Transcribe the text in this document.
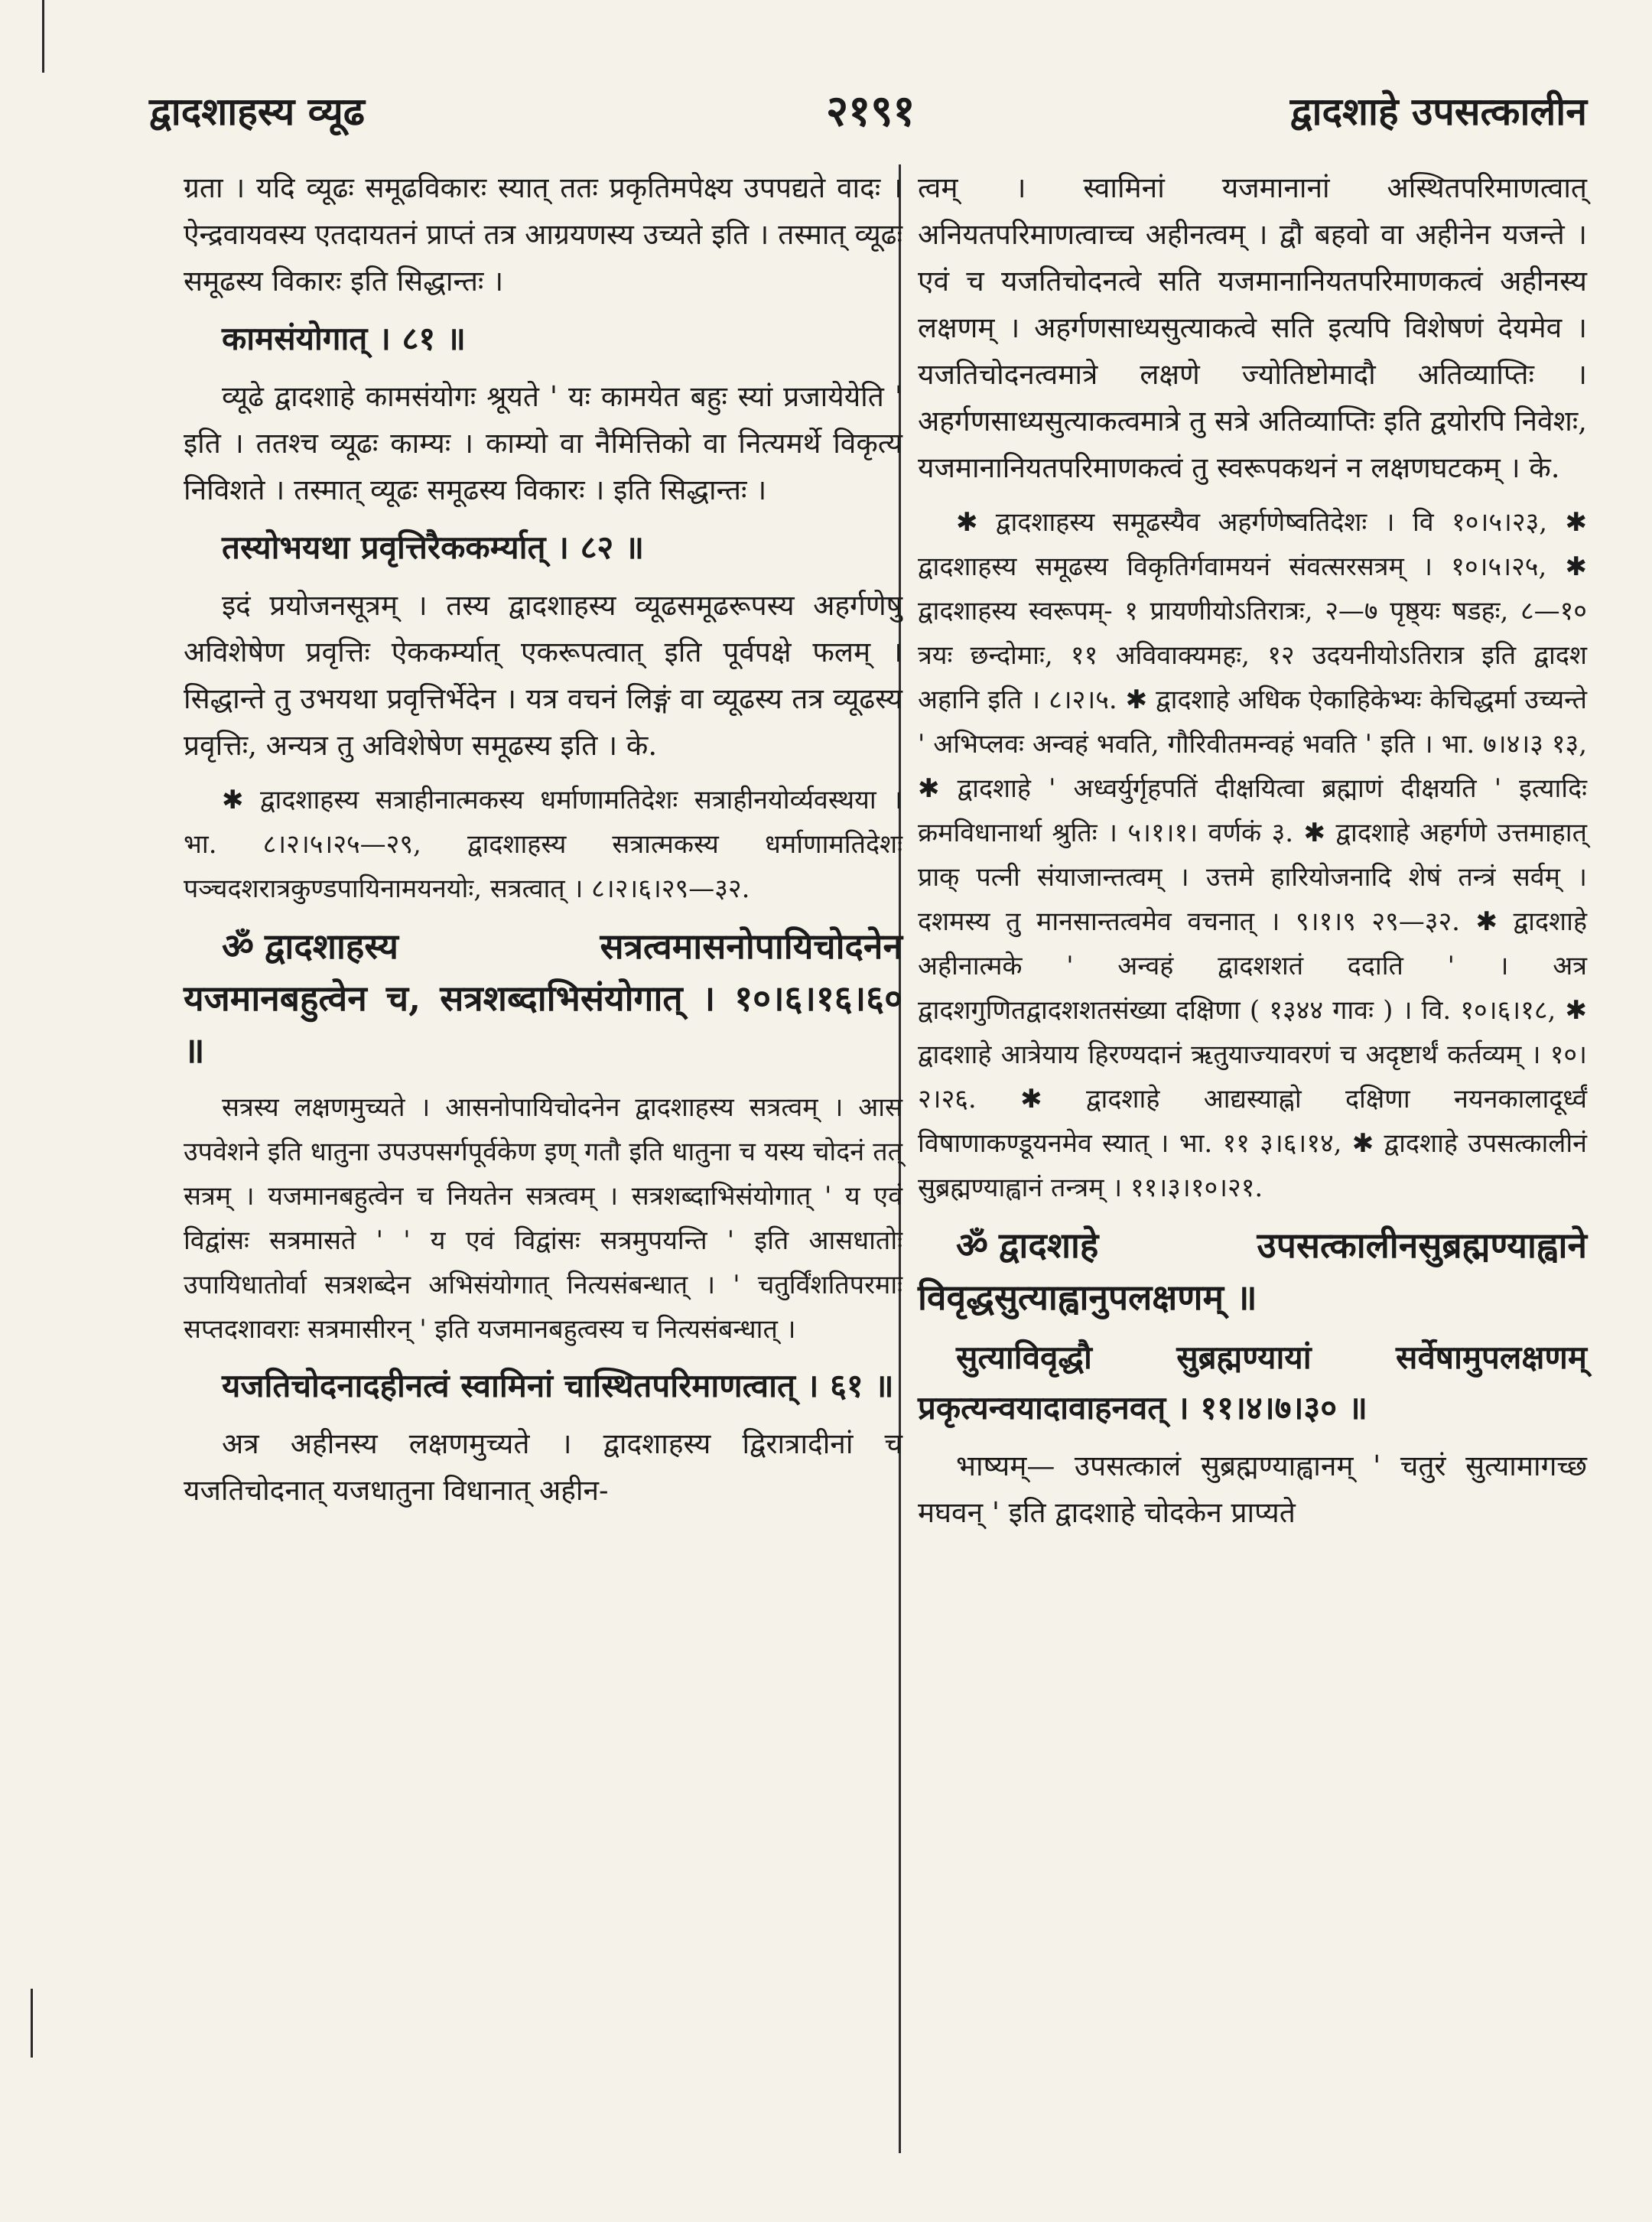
द्वादशाहस्य व्यूढ	२१९१	द्वादशाहे उपसत्कालीन

ग्रता । यदि व्यूढः समूढविकारः स्यात् ततः प्रकृतिमपेक्ष्य उपपद्यते वादः । ऐन्द्रवायवस्य एतदायतनं प्राप्तं तत्र आग्रयणस्य उच्यते इति । तस्मात् व्यूढः समूढस्य विकारः इति सिद्धान्तः ।

कामसंयोगात् । ८१ ॥

व्यूढे द्वादशाहे कामसंयोगः श्रूयते ' यः कामयेत बहुः स्यां प्रजायेयेति ' इति । ततश्च व्यूढः काम्यः । काम्यो वा नैमित्तिको वा नित्यमर्थे विकृत्य निविशते । तस्मात् व्यूढः समूढस्य विकारः । इति सिद्धान्तः ।

तस्योभयथा प्रवृत्तिरैककर्म्यात् । ८२ ॥

इदं प्रयोजनसूत्रम् । तस्य द्वादशाहस्य व्यूढसमूढरूपस्य अहर्गणेषु अविशेषेण प्रवृत्तिः ऐककर्म्यात् एकरूपत्वात् इति पूर्वपक्षे फलम् । सिद्धान्ते तु उभयथा प्रवृत्तिर्भेदेन । यत्र वचनं लिङ्गं वा व्यूढस्य तत्र व्यूढस्य प्रवृत्तिः, अन्यत्र तु अविशेषेण समूढस्य इति । के.

✱ द्वादशाहस्य सत्राहीनात्मकस्य धर्माणामतिदेशः सत्राहीनयोर्व्यवस्थया । भा. ८।२।५।२५—२९, द्वादशाहस्य सत्रात्मकस्य धर्माणामतिदेशः पञ्चदशरात्रकुण्डपायिनामयनयोः, सत्रत्वात् । ८।२।६।२९—३२.

ॐ द्वादशाहस्य सत्रत्वमासनोपायिचोदनेन यजमानबहुत्वेन च, सत्रशब्दाभिसंयोगात् । १०।६।१६।६० ॥

सत्रस्य लक्षणमुच्यते । आसनोपायिचोदनेन द्वादशाहस्य सत्रत्वम् । आस उपवेशने इति धातुना उपउपसर्गपूर्वकेण इण् गतौ इति धातुना च यस्य चोदनं तत् सत्रम् । यजमानबहुत्वेन च नियतेन सत्रत्वम् । सत्रशब्दाभिसंयोगात् ' य एवं विद्वांसः सत्रमासते ' ' य एवं विद्वांसः सत्रमुपयन्ति ' इति आसधातोः उपायिधातोर्वा सत्रशब्देन अभिसंयोगात् नित्यसंबन्धात् । ' चतुर्विंशतिपरमाः सप्तदशावराः सत्रमासीरन् ' इति यजमानबहुत्वस्य च नित्यसंबन्धात् ।

यजतिचोदनादहीनत्वं स्वामिनां चास्थितपरिमाणत्वात् । ६१ ॥

अत्र अहीनस्य लक्षणमुच्यते । द्वादशाहस्य द्विरात्रादीनां च यजतिचोदनात् यजधातुना विधानात् अहीन-

त्वम् । स्वामिनां यजमानानां अस्थितपरिमाणत्वात् अनियतपरिमाणत्वाच्च अहीनत्वम् । द्वौ बहवो वा अहीनेन यजन्ते । एवं च यजतिचोदनत्वे सति यजमानानियतपरिमाणकत्वं अहीनस्य लक्षणम् । अहर्गणसाध्यसुत्याकत्वे सति इत्यपि विशेषणं देयमेव । यजतिचोदनत्वमात्रे लक्षणे ज्योतिष्टोमादौ अतिव्याप्तिः । अहर्गणसाध्यसुत्याकत्वमात्रे तु सत्रे अतिव्याप्तिः इति द्वयोरपि निवेशः, यजमानानियतपरिमाणकत्वं तु स्वरूपकथनं न लक्षणघटकम् । के.

✱ द्वादशाहस्य समूढस्यैव अहर्गणेष्वतिदेशः । वि १०।५।२३, ✱ द्वादशाहस्य समूढस्य विकृतिर्गवामयनं संवत्सरसत्रम् । १०।५।२५, ✱ द्वादशाहस्य स्वरूपम्- १ प्रायणीयोऽतिरात्रः, २—७ पृष्ठ्यः षडहः, ८—१० त्रयः छन्दोमाः, ११ अविवाक्यमहः, १२ उदयनीयोऽतिरात्र इति द्वादश अहानि इति । ८।२।५. ✱ द्वादशाहे अधिक ऐकाहिकेभ्यः केचिद्धर्मा उच्यन्ते ' अभिप्लवः अन्वहं भवति, गौरिवीतमन्वहं भवति ' इति । भा. ७।४।३ १३, ✱ द्वादशाहे ' अध्वर्युर्गृहपतिं दीक्षयित्वा ब्रह्माणं दीक्षयति ' इत्यादिः क्रमविधानार्था श्रुतिः । ५।१।१। वर्णकं ३. ✱ द्वादशाहे अहर्गणे उत्तमाहात् प्राक् पत्नी संयाजान्तत्वम् । उत्तमे हारियोजनादि शेषं तन्त्रं सर्वम् । दशमस्य तु मानसान्तत्वमेव वचनात् । ९।१।९ २९—३२. ✱ द्वादशाहे अहीनात्मके ' अन्वहं द्वादशशतं ददाति ' । अत्र द्वादशगुणितद्वादशशतसंख्या दक्षिणा ( १३४४ गावः ) । वि. १०।६।१८, ✱ द्वादशाहे आत्रेयाय हिरण्यदानं ऋतुयाज्यावरणं च अदृष्टार्थं कर्तव्यम् । १०।२।२६. ✱ द्वादशाहे आद्यस्याह्नो दक्षिणा नयनकालादूर्ध्वं विषाणाकण्डूयनमेव स्यात् । भा. ११ ३।६।१४, ✱ द्वादशाहे उपसत्कालीनं सुब्रह्मण्याह्वानं तन्त्रम् । ११।३।१०।२१.

ॐ द्वादशाहे उपसत्कालीनसुब्रह्मण्याह्वाने विवृद्धसुत्याह्वानुपलक्षणम् ॥

सुत्याविवृद्धौ सुब्रह्मण्यायां सर्वेषामुपलक्षणम् प्रकृत्यन्वयादावाहनवत् । ११।४।७।३० ॥

भाष्यम्— उपसत्कालं सुब्रह्मण्याह्वानम् ' चतुरं सुत्यामागच्छ मघवन् ' इति द्वादशाहे चोदकेन प्राप्यते
